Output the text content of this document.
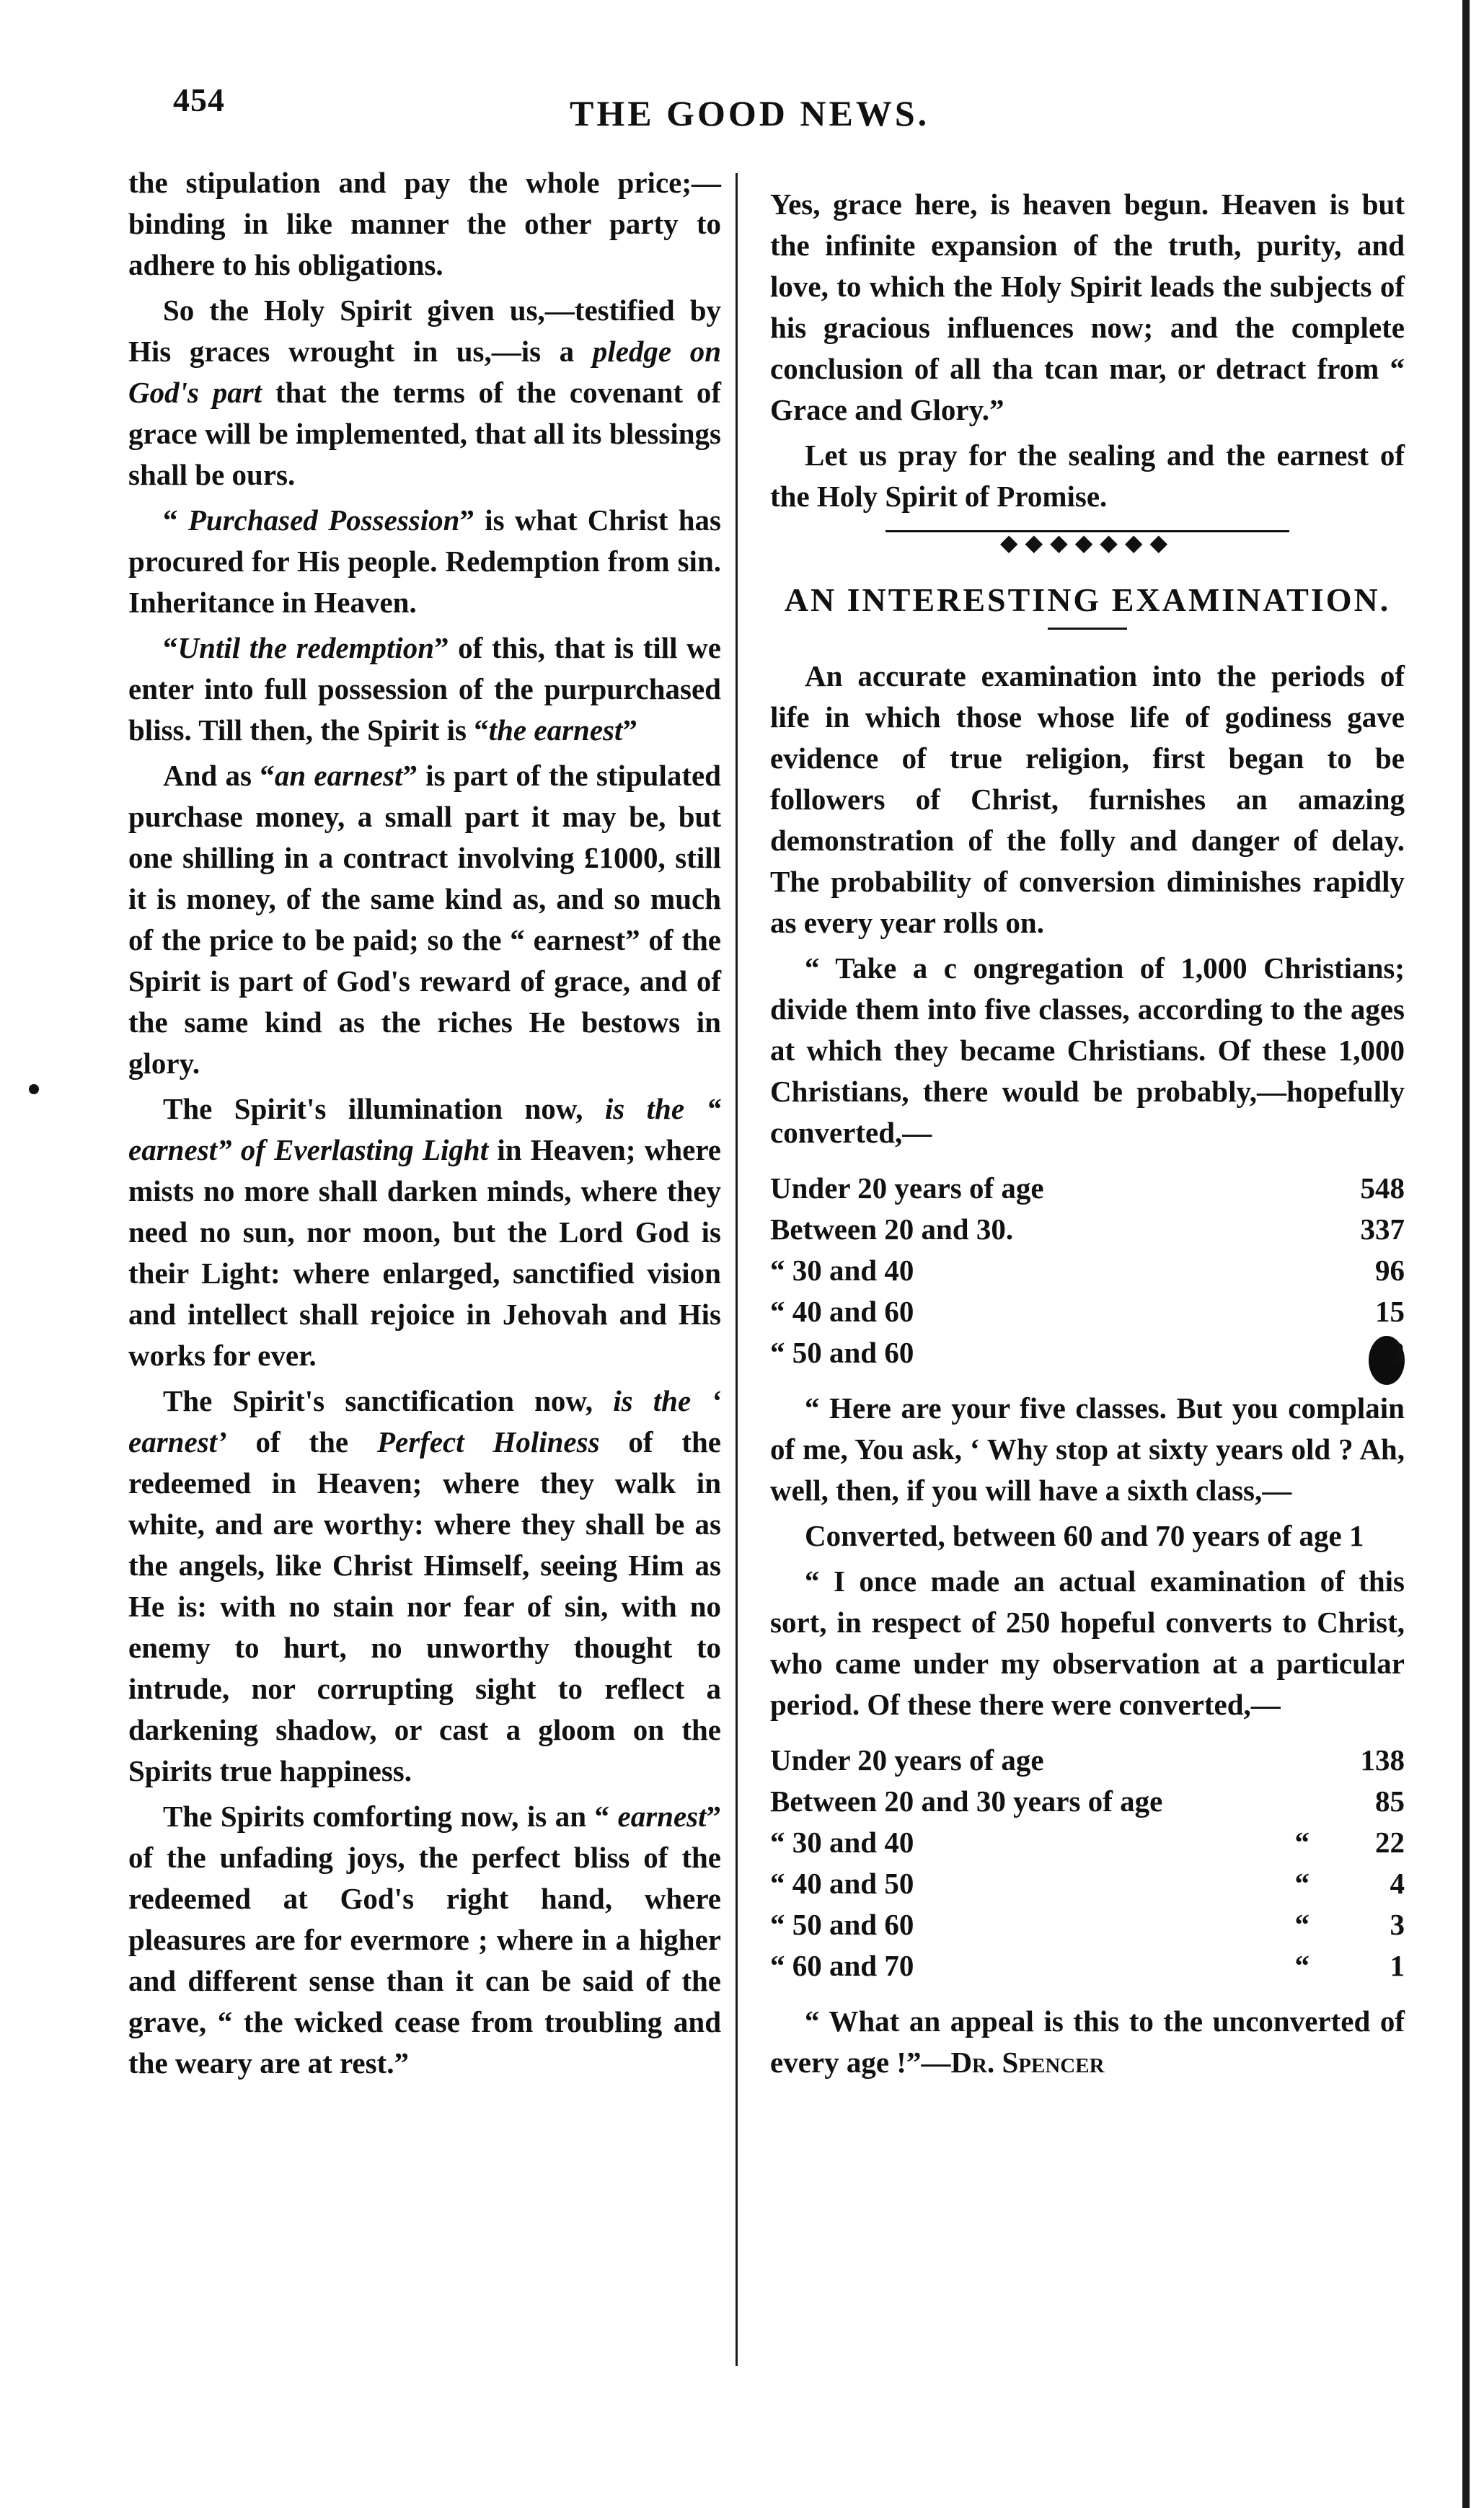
454	THE GOOD NEWS.

the stipulation and pay the whole price;—binding in like manner the other party to adhere to his obligations.

So the Holy Spirit given us,—testified by His graces wrought in us,—is a pledge on God's part that the terms of the covenant of grace will be implemented, that all its blessings shall be ours.

“ Purchased Possession” is what Christ has procured for His people. Redemption from sin. Inheritance in Heaven.

“Until the redemption” of this, that is till we enter into full possession of the purpurchased bliss. Till then, the Spirit is “the earnest”

And as “an earnest” is part of the stipulated purchase money, a small part it may be, but one shilling in a contract involving £1000, still it is money, of the same kind as, and so much of the price to be paid; so the “ earnest” of the Spirit is part of God's reward of grace, and of the same kind as the riches He bestows in glory.

The Spirit's illumination now, is the “ earnest” of Everlasting Light in Heaven; where mists no more shall darken minds, where they need no sun, nor moon, but the Lord God is their Light: where enlarged, sanctified vision and intellect shall rejoice in Jehovah and His works for ever.

The Spirit's sanctification now, is the ‘ earnest’ of the Perfect Holiness of the redeemed in Heaven; where they walk in white, and are worthy: where they shall be as the angels, like Christ Himself, seeing Him as He is: with no stain nor fear of sin, with no enemy to hurt, no unworthy thought to intrude, nor corrupting sight to reflect a darkening shadow, or cast a gloom on the Spirits true happiness.

The Spirits comforting now, is an “ earnest” of the unfading joys, the perfect bliss of the redeemed at God's right hand, where pleasures are for evermore ; where in a higher and different sense than it can be said of the grave, “ the wicked cease from troubling and the weary are at rest.”

Yes, grace here, is heaven begun. Heaven is but the infinite expansion of the truth, purity, and love, to which the Holy Spirit leads the subjects of his gracious influences now; and the complete conclusion of all tha tcan mar, or detract from “ Grace and Glory.”

Let us pray for the sealing and the earnest of the Holy Spirit of Promise.

◆◆◆◆◆◆◆
AN INTERESTING EXAMINATION.

An accurate examination into the periods of life in which those whose life of godiness gave evidence of true religion, first began to be followers of Christ, furnishes an amazing demonstration of the folly and danger of delay. The probability of conversion diminishes rapidly as every year rolls on.

“ Take a c ongregation of 1,000 Christians; divide them into five classes, according to the ages at which they became Christians. Of these 1,000 Christians, there would be probably,—hopefully converted,—

Under 20 years of age		548
Between 20 and 30.		337
“ 30 and 40		96
“ 40 and 60		15
“ 50 and 60		3

“ Here are your five classes. But you complain of me, You ask, ‘ Why stop at sixty years old ? Ah, well, then, if you will have a sixth class,—

Converted, between 60 and 70 years of age 1

“ I once made an actual examination of this sort, in respect of 250 hopeful converts to Christ, who came under my observation at a particular period. Of these there were converted,—

Under 20 years of age		138
Between 20 and 30 years of age		85
“ 30 and 40	“	22
“ 40 and 50	“	4
“ 50 and 60	“	3
“ 60 and 70	“	1

“ What an appeal is this to the unconverted of every age !”—Dr. Spencer
